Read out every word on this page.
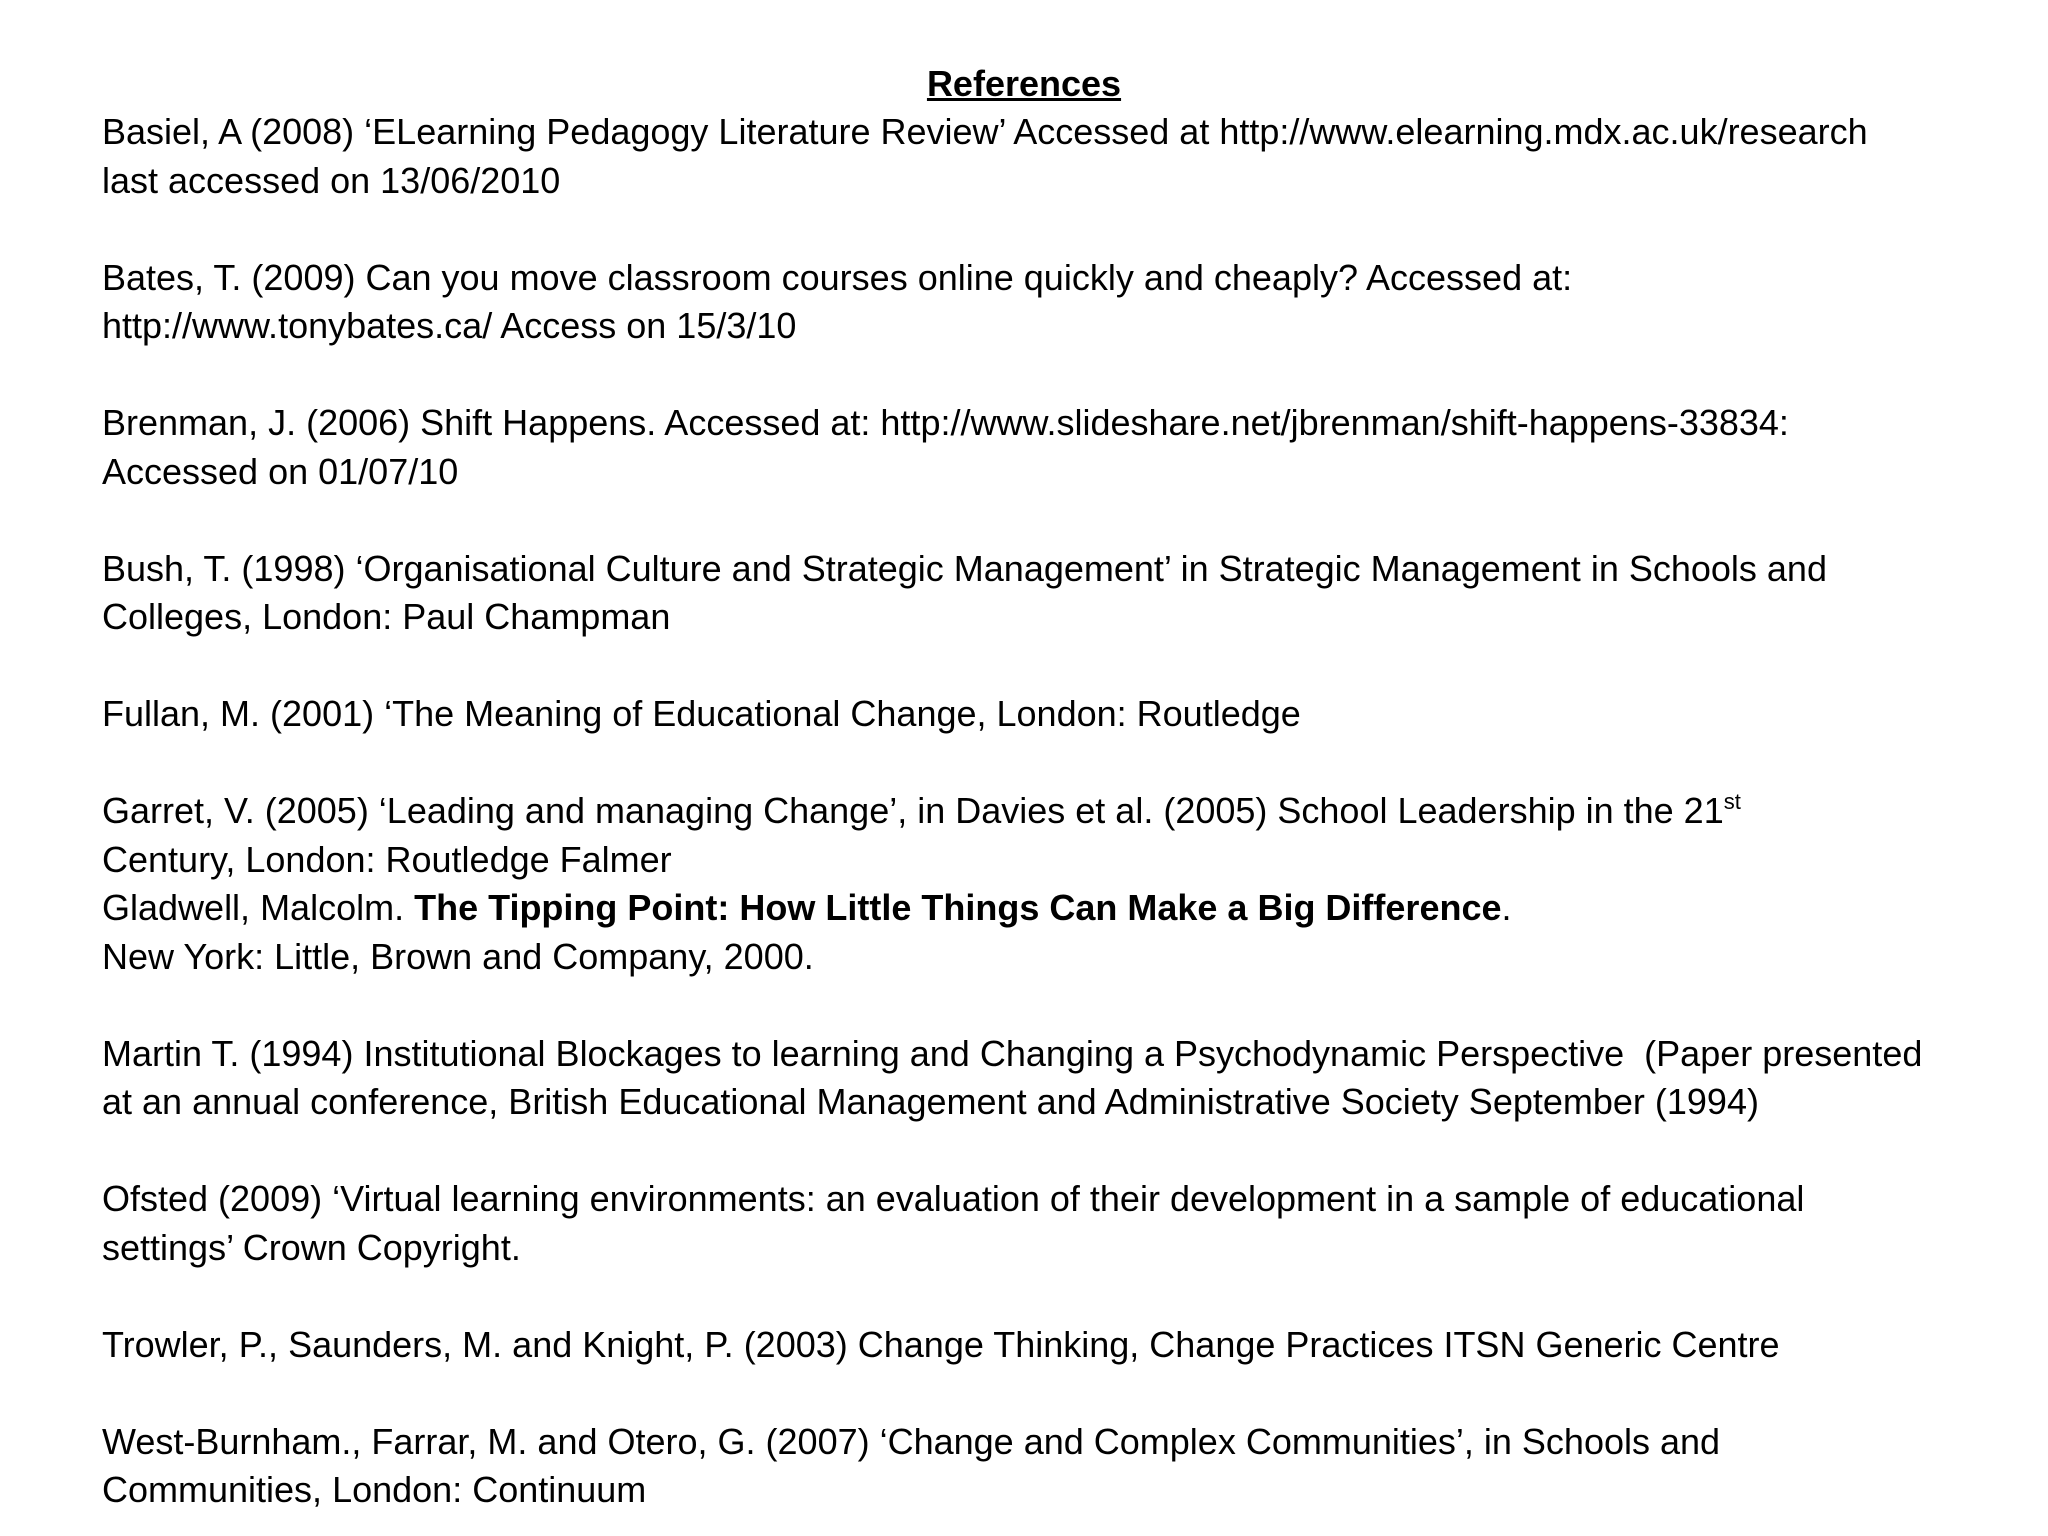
References
Basiel, A (2008) ‘ELearning Pedagogy Literature Review’ Accessed at http://www.elearning.mdx.ac.uk/research
last accessed on 13/06/2010
Bates, T. (2009) Can you move classroom courses online quickly and cheaply? Accessed at:
http://www.tonybates.ca/ Access on 15/3/10
Brenman, J. (2006) Shift Happens. Accessed at: http://www.slideshare.net/jbrenman/shift-happens-33834:
Accessed on 01/07/10
Bush, T. (1998) ‘Organisational Culture and Strategic Management’ in Strategic Management in Schools and
Colleges, London: Paul Champman
Fullan, M. (2001) ‘The Meaning of Educational Change, London: Routledge
Garret, V. (2005) ‘Leading and managing Change’, in Davies et al. (2005) School Leadership in the 21st
Century, London: Routledge Falmer
Gladwell, Malcolm. The Tipping Point: How Little Things Can Make a Big Difference.
New York: Little, Brown and Company, 2000.
Martin T. (1994) Institutional Blockages to learning and Changing a Psychodynamic Perspective  (Paper presented
at an annual conference, British Educational Management and Administrative Society September (1994)
Ofsted (2009) ‘Virtual learning environments: an evaluation of their development in a sample of educational
settings’ Crown Copyright.
Trowler, P., Saunders, M. and Knight, P. (2003) Change Thinking, Change Practices ITSN Generic Centre
West-Burnham., Farrar, M. and Otero, G. (2007) ‘Change and Complex Communities’, in Schools and
Communities, London: Continuum
